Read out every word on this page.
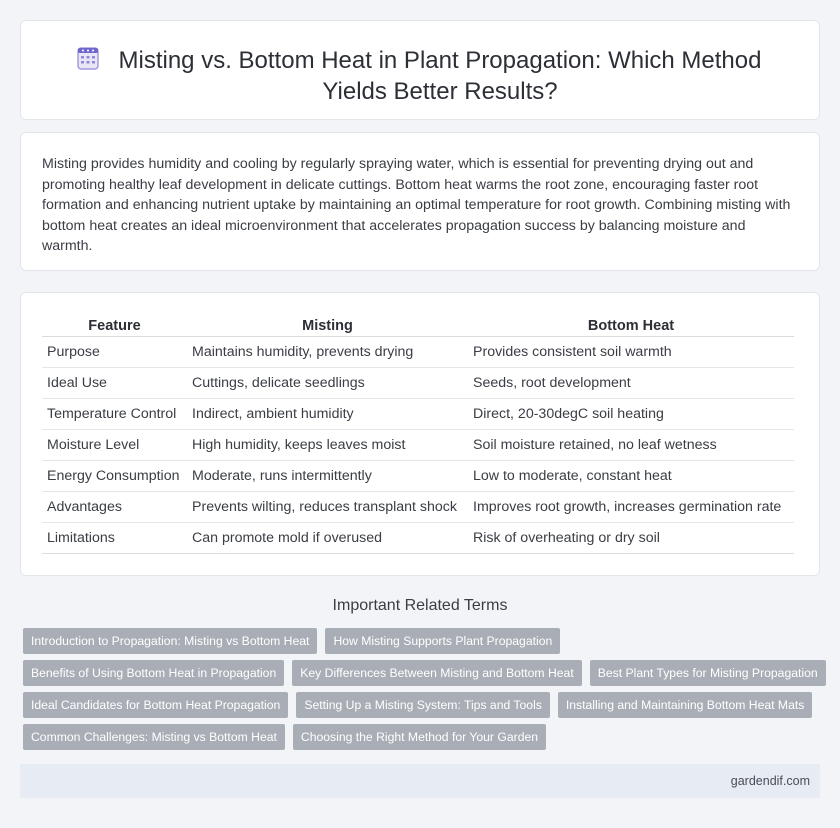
Misting vs. Bottom Heat in Plant Propagation: Which Method Yields Better Results?

Misting provides humidity and cooling by regularly spraying water, which is essential for preventing drying out and promoting healthy leaf development in delicate cuttings. Bottom heat warms the root zone, encouraging faster root formation and enhancing nutrient uptake by maintaining an optimal temperature for root growth. Combining misting with bottom heat creates an ideal microenvironment that accelerates propagation success by balancing moisture and warmth.

Feature	Misting	Bottom Heat
Purpose	Maintains humidity, prevents drying	Provides consistent soil warmth
Ideal Use	Cuttings, delicate seedlings	Seeds, root development
Temperature Control	Indirect, ambient humidity	Direct, 20-30degC soil heating
Moisture Level	High humidity, keeps leaves moist	Soil moisture retained, no leaf wetness
Energy Consumption	Moderate, runs intermittently	Low to moderate, constant heat
Advantages	Prevents wilting, reduces transplant shock	Improves root growth, increases germination rate
Limitations	Can promote mold if overused	Risk of overheating or dry soil
Important Related Terms
Introduction to Propagation: Misting vs Bottom Heat	How Misting Supports Plant Propagation
Benefits of Using Bottom Heat in Propagation	Key Differences Between Misting and Bottom Heat	Best Plant Types for Misting Propagation
Ideal Candidates for Bottom Heat Propagation	Setting Up a Misting System: Tips and Tools	Installing and Maintaining Bottom Heat Mats
Common Challenges: Misting vs Bottom Heat	Choosing the Right Method for Your Garden
gardendif.com
